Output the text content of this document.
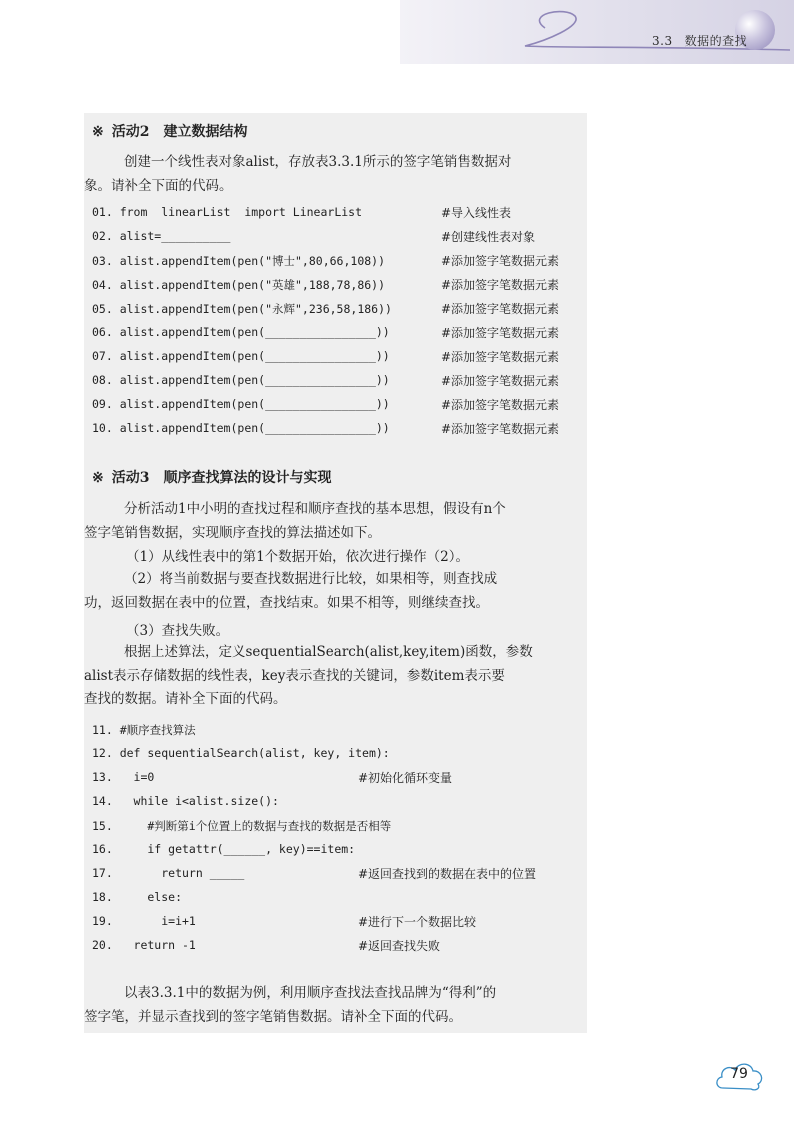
3.3 数据的查找
※ 活动2　建立数据结构
创建一个线性表对象alist，存放表3.3.1所示的签字笔销售数据对
象。请补全下面的代码。
01. from  linearList  import LinearList	#导入线性表
02. alist=__________	#创建线性表对象
03. alist.appendItem(pen("博士",80,66,108))	#添加签字笔数据元素
04. alist.appendItem(pen("英雄",188,78,86))	#添加签字笔数据元素
05. alist.appendItem(pen("永辉",236,58,186))	#添加签字笔数据元素
06. alist.appendItem(pen(________________))	#添加签字笔数据元素
07. alist.appendItem(pen(________________))	#添加签字笔数据元素
08. alist.appendItem(pen(________________))	#添加签字笔数据元素
09. alist.appendItem(pen(________________))	#添加签字笔数据元素
10. alist.appendItem(pen(________________))	#添加签字笔数据元素
※ 活动3　顺序查找算法的设计与实现
分析活动1中小明的查找过程和顺序查找的基本思想，假设有n个
签字笔销售数据，实现顺序查找的算法描述如下。
（1）从线性表中的第1个数据开始，依次进行操作（2）。
（2）将当前数据与要查找数据进行比较，如果相等，则查找成
功，返回数据在表中的位置，查找结束。如果不相等，则继续查找。
（3）查找失败。
根据上述算法，定义sequentialSearch(alist,key,item)函数，参数
alist表示存储数据的线性表，key表示查找的关键词，参数item表示要
查找的数据。请补全下面的代码。
11. #顺序查找算法
12. def sequentialSearch(alist, key, item):
13.   i=0	#初始化循环变量
14.   while i<alist.size():
15.     #判断第i个位置上的数据与查找的数据是否相等
16.     if getattr(______, key)==item:
17.       return _____	#返回查找到的数据在表中的位置
18.     else:
19.       i=i+1	#进行下一个数据比较
20.   return -1	#返回查找失败
以表3.3.1中的数据为例，利用顺序查找法查找品牌为“得利”的
签字笔，并显示查找到的签字笔销售数据。请补全下面的代码。
79
